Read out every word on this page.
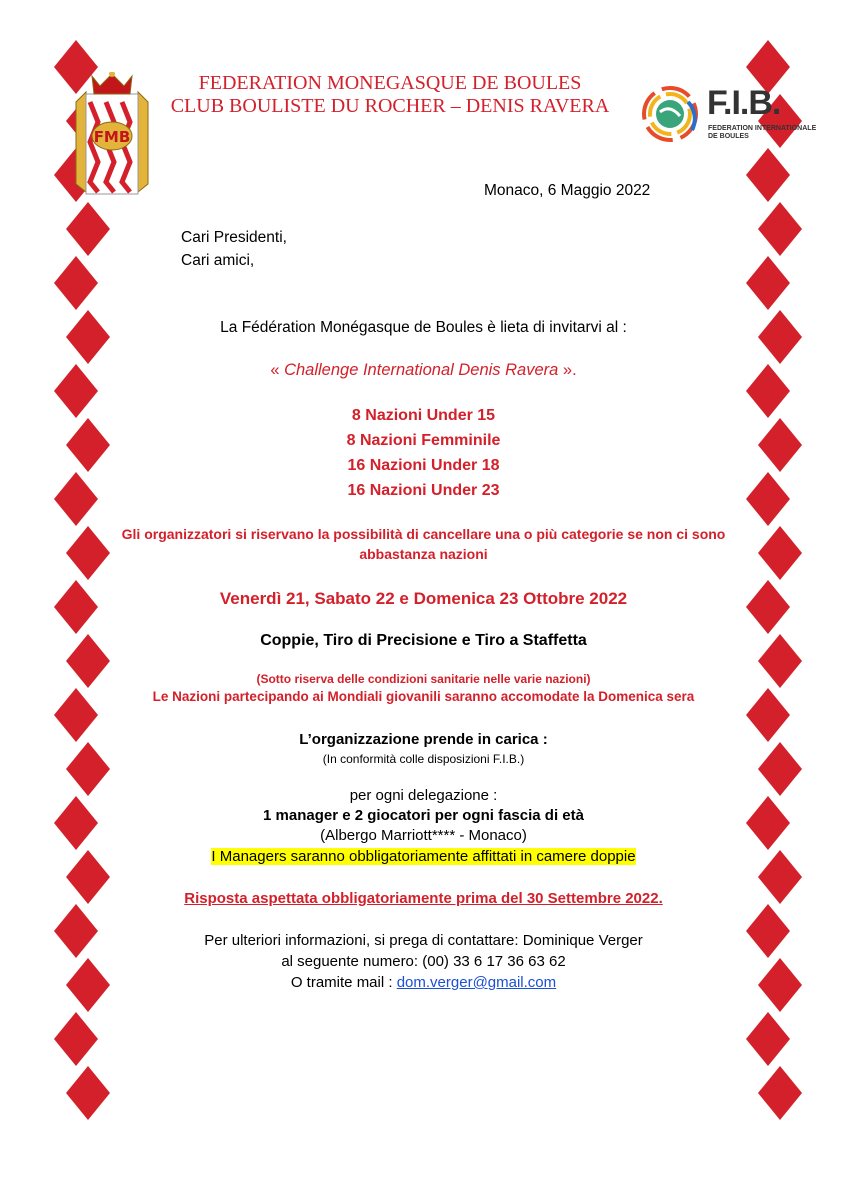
FMB
F.I.B.
FEDERATION INTERNATIONALE DE BOULES
FEDERATION MONEGASQUE DE BOULES
CLUB BOULISTE DU ROCHER – DENIS RAVERA
Monaco, 6 Maggio 2022
Cari Presidenti,
Cari amici,
La Fédération Monégasque de Boules è lieta di invitarvi al :
« Challenge International Denis Ravera ».
8 Nazioni Under 15
8 Nazioni Femminile
16 Nazioni Under 18
16 Nazioni Under 23
Gli organizzatori si riservano la possibilità di cancellare una o più categorie se non ci sono
abbastanza nazioni
Venerdì 21, Sabato 22 e Domenica 23 Ottobre 2022
Coppie, Tiro di Precisione e Tiro a Staffetta
(Sotto riserva delle condizioni sanitarie nelle varie nazioni)
Le Nazioni partecipando ai Mondiali giovanili saranno accomodate la Domenica sera
L’organizzazione prende in carica :
(In conformità colle disposizioni F.I.B.)
per ogni delegazione :
1 manager e 2 giocatori per ogni fascia di età
(Albergo Marriott**** - Monaco)
I Managers saranno obbligatoriamente affittati in camere doppie
Risposta aspettata obbligatoriamente prima del 30 Settembre 2022.
Per ulteriori informazioni, si prega di contattare: Dominique Verger
al seguente numero: (00) 33 6 17 36 63 62
O tramite mail : dom.verger@gmail.com
